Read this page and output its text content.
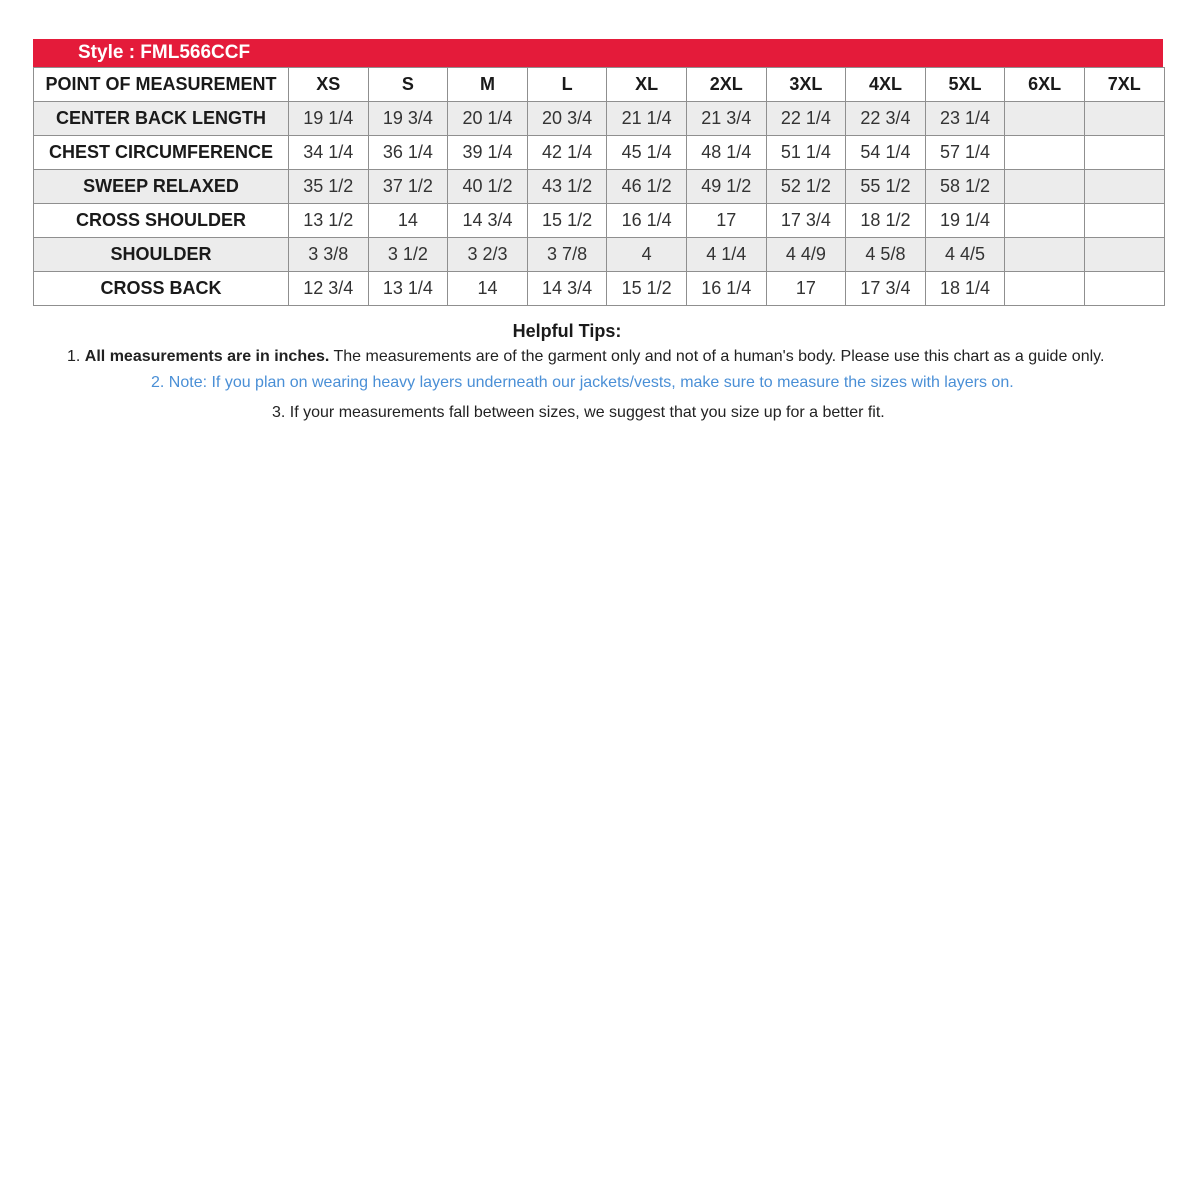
Style : FML566CCF
POINT OF MEASUREMENT	XS	S	M	L	XL	2XL	3XL	4XL	5XL	6XL	7XL
CENTER BACK LENGTH	19 1/4	19 3/4	20 1/4	20 3/4	21 1/4	21 3/4	22 1/4	22 3/4	23 1/4		
CHEST CIRCUMFERENCE	34 1/4	36 1/4	39 1/4	42 1/4	45 1/4	48 1/4	51 1/4	54 1/4	57 1/4		
SWEEP RELAXED	35 1/2	37 1/2	40 1/2	43 1/2	46 1/2	49 1/2	52 1/2	55 1/2	58 1/2		
CROSS SHOULDER	13 1/2	14	14 3/4	15 1/2	16 1/4	17	17 3/4	18 1/2	19 1/4		
SHOULDER	3 3/8	3 1/2	3 2/3	3 7/8	4	4 1/4	4 4/9	4 5/8	4 4/5		
CROSS BACK	12 3/4	13 1/4	14	14 3/4	15 1/2	16 1/4	17	17 3/4	18 1/4		
Helpful Tips:
1. All measurements are in inches. The measurements are of the garment only and not of a human's body. Please use this chart as a guide only.
2. Note: If you plan on wearing heavy layers underneath our jackets/vests, make sure to measure the sizes with layers on.
3. If your measurements fall between sizes, we suggest that you size up for a better fit.
